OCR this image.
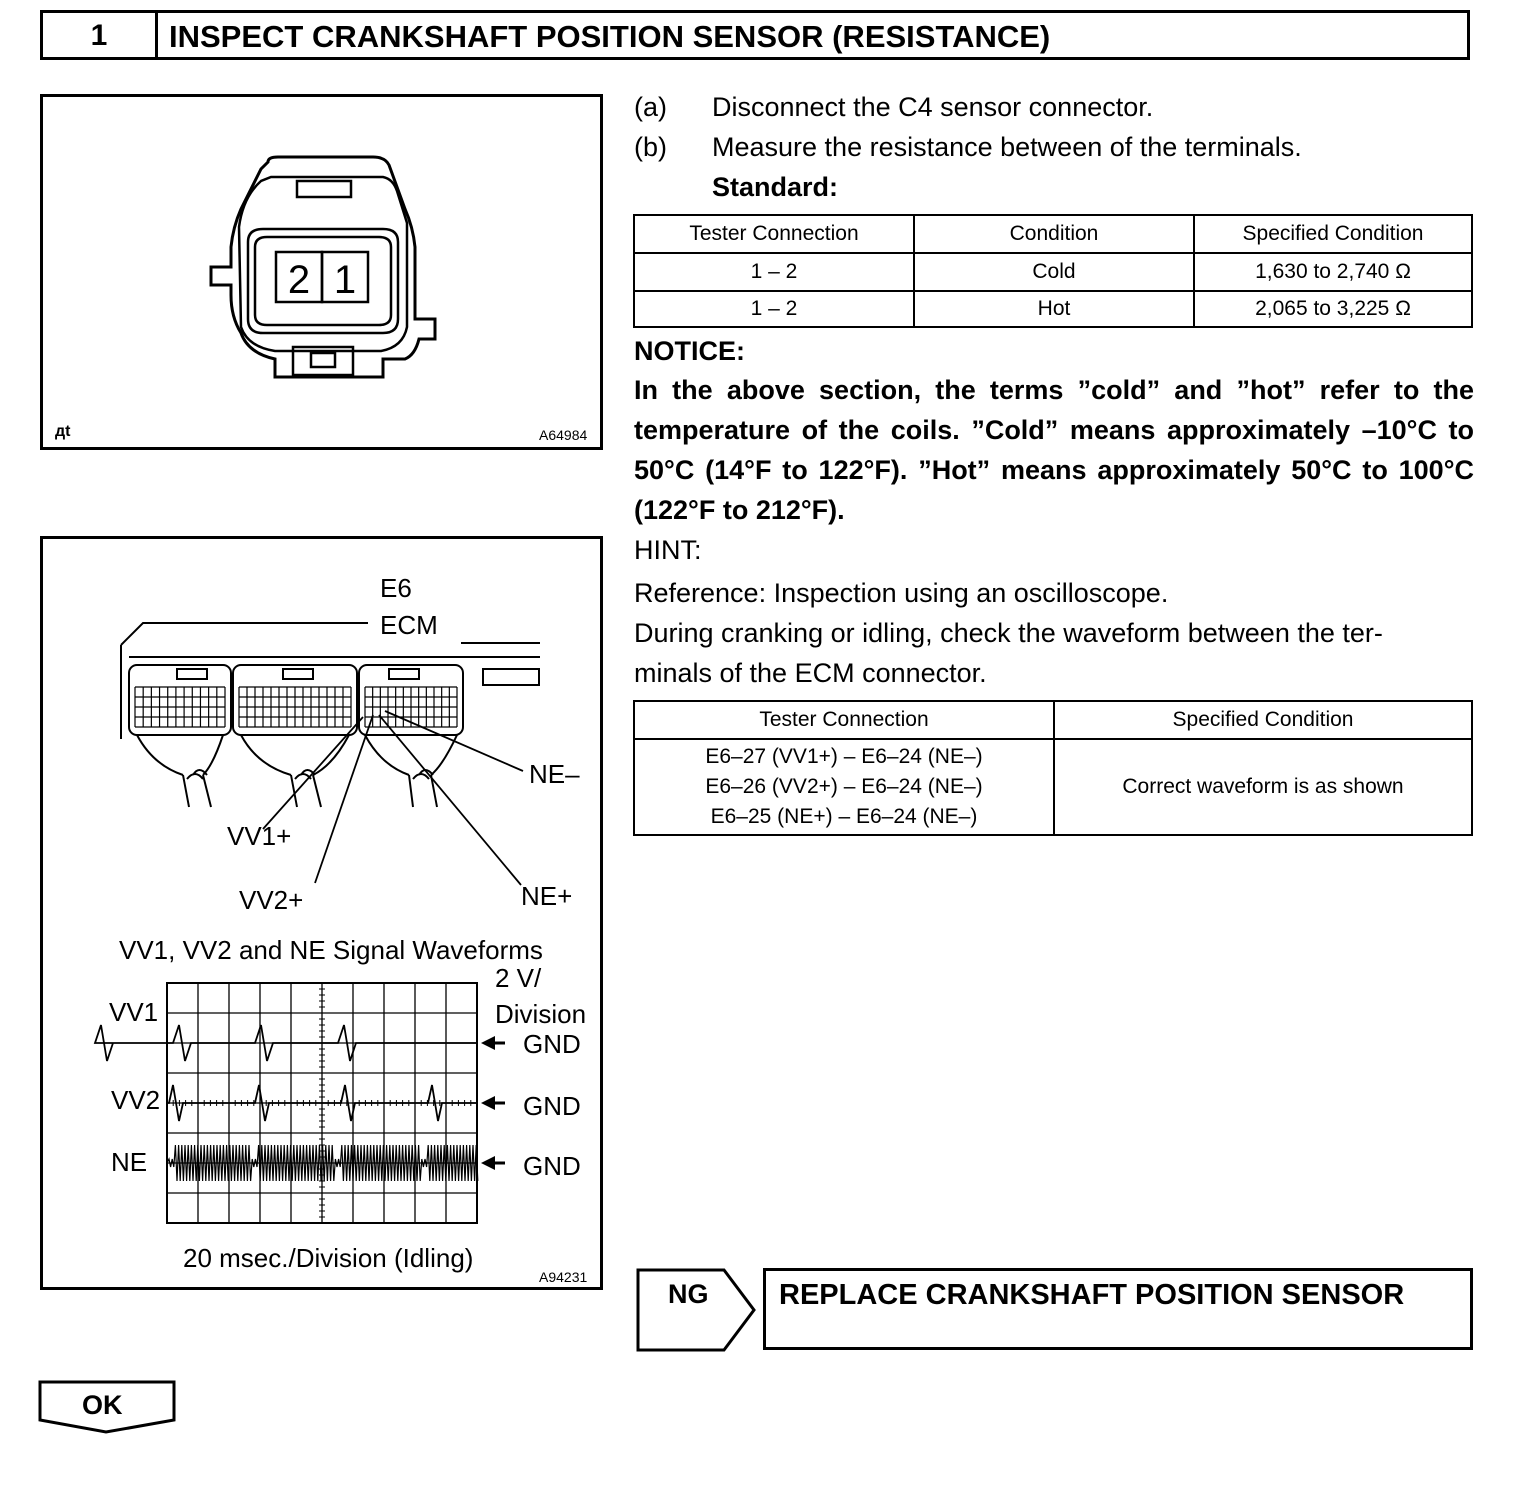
1	INSPECT CRANKSHAFT POSITION SENSOR (RESISTANCE)
2 1
дt	A64984
E6
ECM
NE–
VV1+
VV2+	NE+
VV1, VV2 and NE Signal Waveforms
2 V/
Division
VV1
VV2
NE
GND
GND
GND
20 msec./Division (Idling)
A94231
(a) Disconnect the C4 sensor connector.
(b) Measure the resistance between of the terminals.
Standard:
Tester Connection	Condition	Specified Condition
1 – 2	Cold	1,630 to 2,740 Ω
1 – 2	Hot	2,065 to 3,225 Ω
NOTICE:
In the above section, the terms ”cold” and ”hot” refer to the temperature of the coils. ”Cold” means approximately –10°C to 50°C (14°F to 122°F). ”Hot” means approximately 50°C to 100°C (122°F to 212°F).
HINT:
Reference: Inspection using an oscilloscope.
During cranking or idling, check the waveform between the ter-
minals of the ECM connector.
Tester Connection	Specified Condition

E6–27 (VV1+) – E6–24 (NE–)
E6–26 (VV2+) – E6–24 (NE–)
E6–25 (NE+) – E6–24 (NE–)	Correct waveform is as shown
NG REPLACE CRANKSHAFT POSITION SENSOR
OK
